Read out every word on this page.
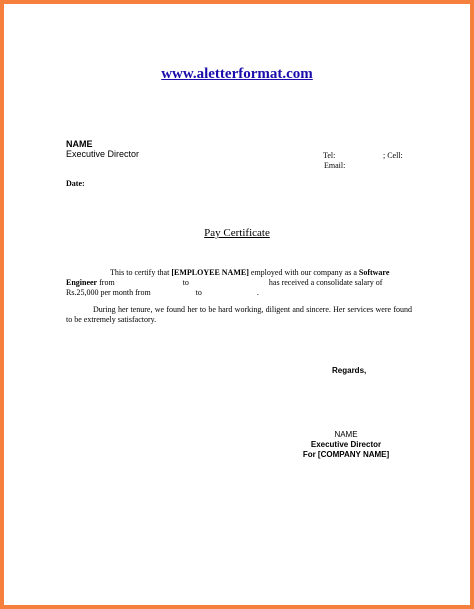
www.aletterformat.com
NAME
Executive Director	Tel:	; Cell:
Email:
Date:
Pay Certificate
This to certify that [EMPLOYEE NAME] employed with our company as a Software
Engineer from	to	has received a consolidate salary of
Rs.25,000 per month from	to	.
During her tenure, we found her to be hard working, diligent and sincere. Her services were found to be extremely satisfactory.
Regards,
NAME
Executive Director
For [COMPANY NAME]
